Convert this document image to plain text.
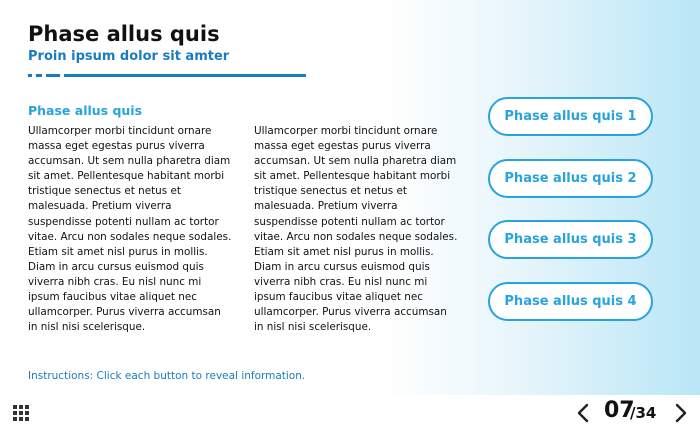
Phase allus quis
Proin ipsum dolor sit amter
Phase allus quis
Ullamcorper morbi tincidunt ornare massa eget egestas purus viverra accumsan. Ut sem nulla pharetra diam sit amet. Pellentesque habitant morbi tristique senectus et netus et malesuada. Pretium viverra suspendisse potenti nullam ac tortor vitae. Arcu non sodales neque sodales. Etiam sit amet nisl purus in mollis. Diam in arcu cursus euismod quis viverra nibh cras. Eu nisl nunc mi ipsum faucibus vitae aliquet nec ullamcorper. Purus viverra accumsan in nisl nisi scelerisque.
Ullamcorper morbi tincidunt ornare massa eget egestas purus viverra accumsan. Ut sem nulla pharetra diam sit amet. Pellentesque habitant morbi tristique senectus et netus et malesuada. Pretium viverra suspendisse potenti nullam ac tortor vitae. Arcu non sodales neque sodales. Etiam sit amet nisl purus in mollis. Diam in arcu cursus euismod quis viverra nibh cras. Eu nisl nunc mi ipsum faucibus vitae aliquet nec ullamcorper. Purus viverra accumsan in nisl nisi scelerisque.
Phase allus quis 1
Phase allus quis 2
Phase allus quis 3
Phase allus quis 4
Instructions: Click each button to reveal information.
07
/34
